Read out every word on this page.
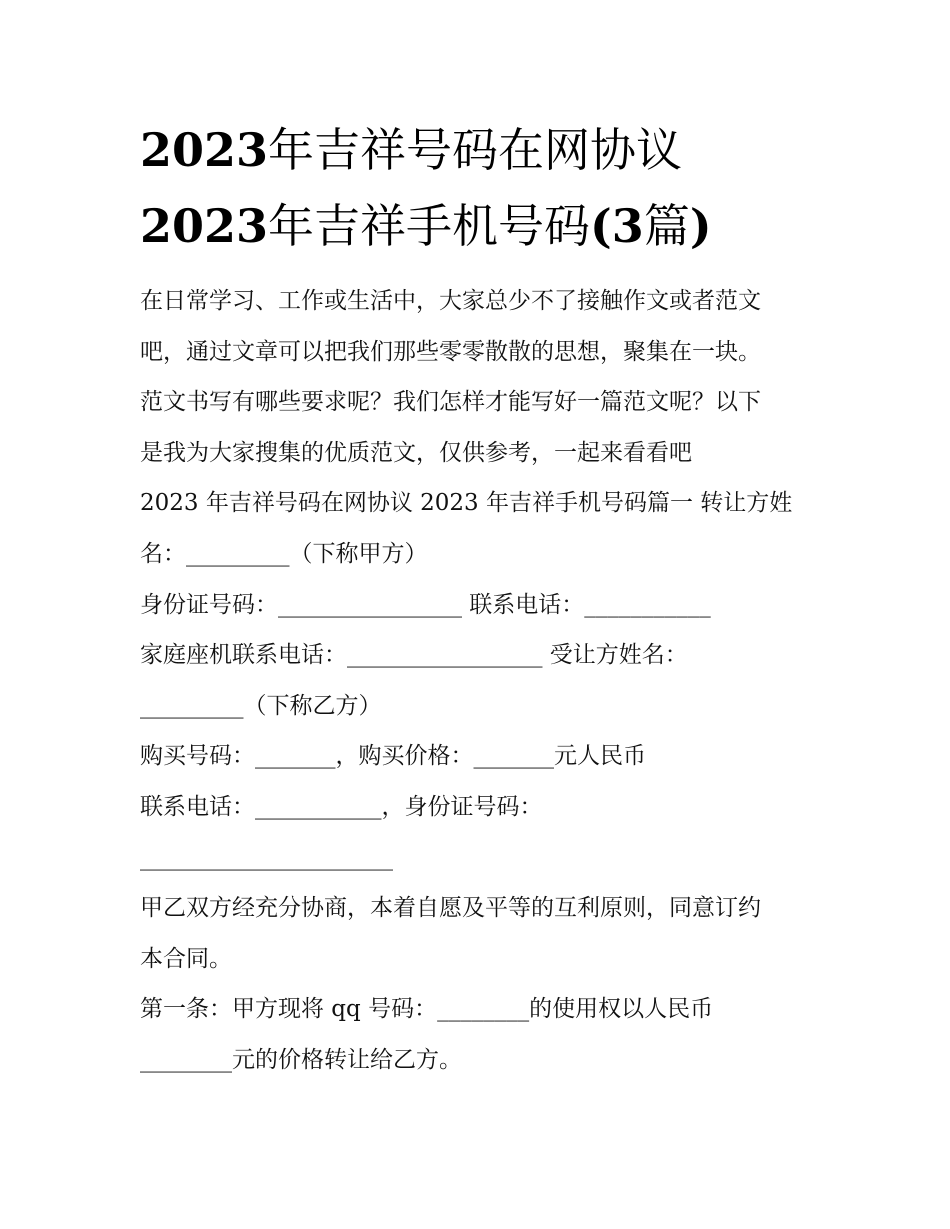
2023年吉祥号码在网协议
2023年吉祥手机号码(3篇)
在日常学习、工作或生活中，大家总少不了接触作文或者范文
吧，通过文章可以把我们那些零零散散的思想，聚集在一块。
范文书写有哪些要求呢？我们怎样才能写好一篇范文呢？以下
是我为大家搜集的优质范文，仅供参考，一起来看看吧
2023 年吉祥号码在网协议 2023 年吉祥手机号码篇一 转让方姓
名：_________（下称甲方）
身份证号码：________________ 联系电话：___________
家庭座机联系电话：_________________ 受让方姓名：
_________（下称乙方）
购买号码：_______，购买价格：_______元人民币
联系电话：___________，身份证号码：
______________________
甲乙双方经充分协商，本着自愿及平等的互利原则，同意订约
本合同。
第一条：甲方现将 qq 号码：________的使用权以人民币
________元的价格转让给乙方。
